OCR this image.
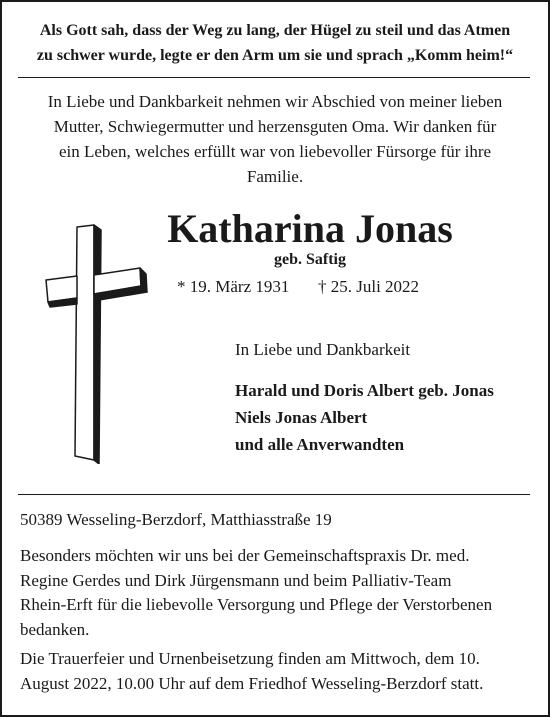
Als Gott sah, dass der Weg zu lang, der Hügel zu steil und das Atmen
zu schwer wurde, legte er den Arm um sie und sprach „Komm heim!“
In Liebe und Dankbarkeit nehmen wir Abschied von meiner lieben
Mutter, Schwiegermutter und herzensguten Oma. Wir danken für
ein Leben, welches erfüllt war von liebevoller Fürsorge für ihre
Familie.
Katharina Jonas
geb. Saftig
* 19. März 1931 † 25. Juli 2022
In Liebe und Dankbarkeit
Harald und Doris Albert geb. Jonas
Niels Jonas Albert
und alle Anverwandten
50389 Wesseling-Berzdorf, Matthiasstraße 19
Besonders möchten wir uns bei der Gemeinschaftspraxis Dr. med.
Regine Gerdes und Dirk Jürgensmann und beim Palliativ-Team
Rhein-Erft für die liebevolle Versorgung und Pflege der Verstorbenen
bedanken.
Die Trauerfeier und Urnenbeisetzung finden am Mittwoch, dem 10.
August 2022, 10.00 Uhr auf dem Friedhof Wesseling-Berzdorf statt.
